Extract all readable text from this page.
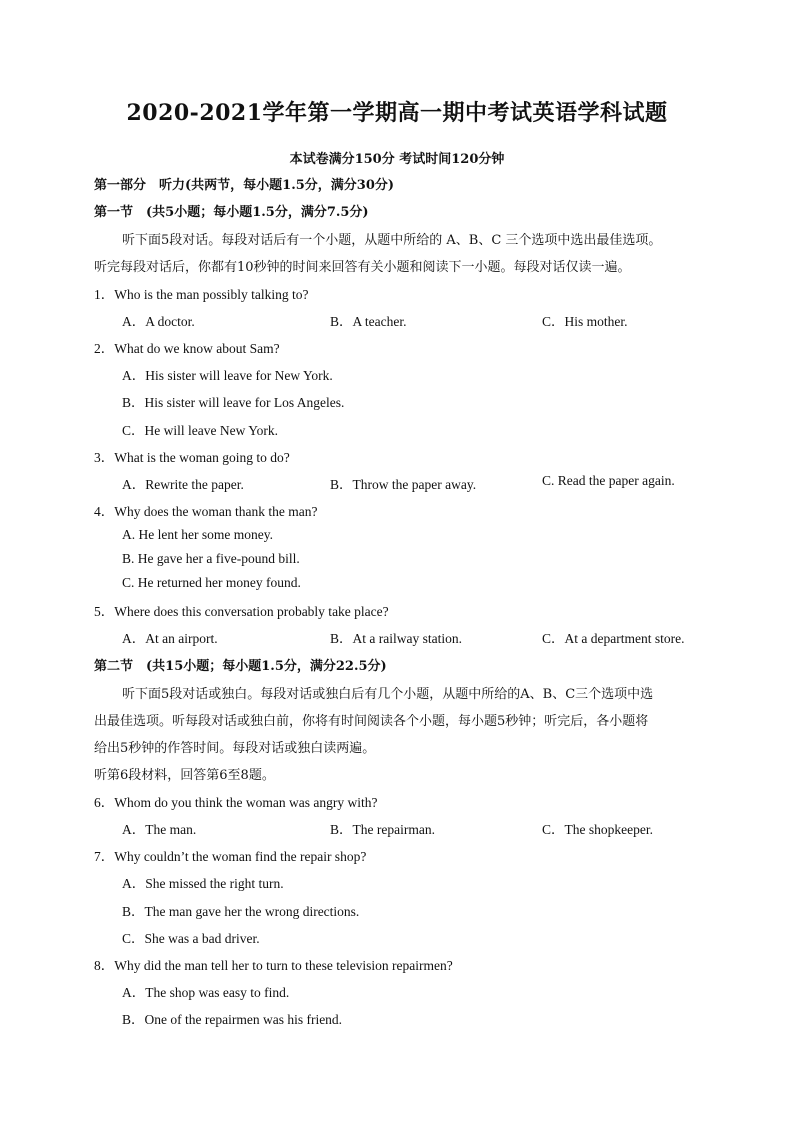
2020-2021学年第一学期高一期中考试英语学科试题
本试卷满分150分 考试时间120分钟
第一部分　听力(共两节，每小题1.5分，满分30分)
第一节　(共5小题；每小题1.5分，满分7.5分)
听下面5段对话。每段对话后有一个小题，从题中所给的 A、B、C 三个选项中选出最佳选项。
听完每段对话后，你都有10秒钟的时间来回答有关小题和阅读下一小题。每段对话仅读一遍。
1．Who is the man possibly talking to?
A．A doctor.	B．A teacher.	C．His mother.
2．What do we know about Sam?
A．His sister will leave for New York.
B．His sister will leave for Los Angeles.
C．He will leave New York.
3．What is the woman going to do?
A．Rewrite the paper.	B．Throw the paper away.	C. Read the paper again.
4．Why does the woman thank the man?
A. He lent her some money.
B. He gave her a five-pound bill.
C. He returned her money found.
5．Where does this conversation probably take place?
A．At an airport.	B．At a railway station.	C．At a department store.
第二节　(共15小题；每小题1.5分，满分22.5分)
听下面5段对话或独白。每段对话或独白后有几个小题，从题中所给的A、B、C三个选项中选
出最佳选项。听每段对话或独白前，你将有时间阅读各个小题，每小题5秒钟；听完后，各小题将
给出5秒钟的作答时间。每段对话或独白读两遍。
听第6段材料，回答第6至8题。
6．Whom do you think the woman was angry with?
A．The man.	B．The repairman.	C．The shopkeeper.
7．Why couldn’t the woman find the repair shop?
A．She missed the right turn.
B．The man gave her the wrong directions.
C．She was a bad driver.
8．Why did the man tell her to turn to these television repairmen?
A．The shop was easy to find.
B．One of the repairmen was his friend.
